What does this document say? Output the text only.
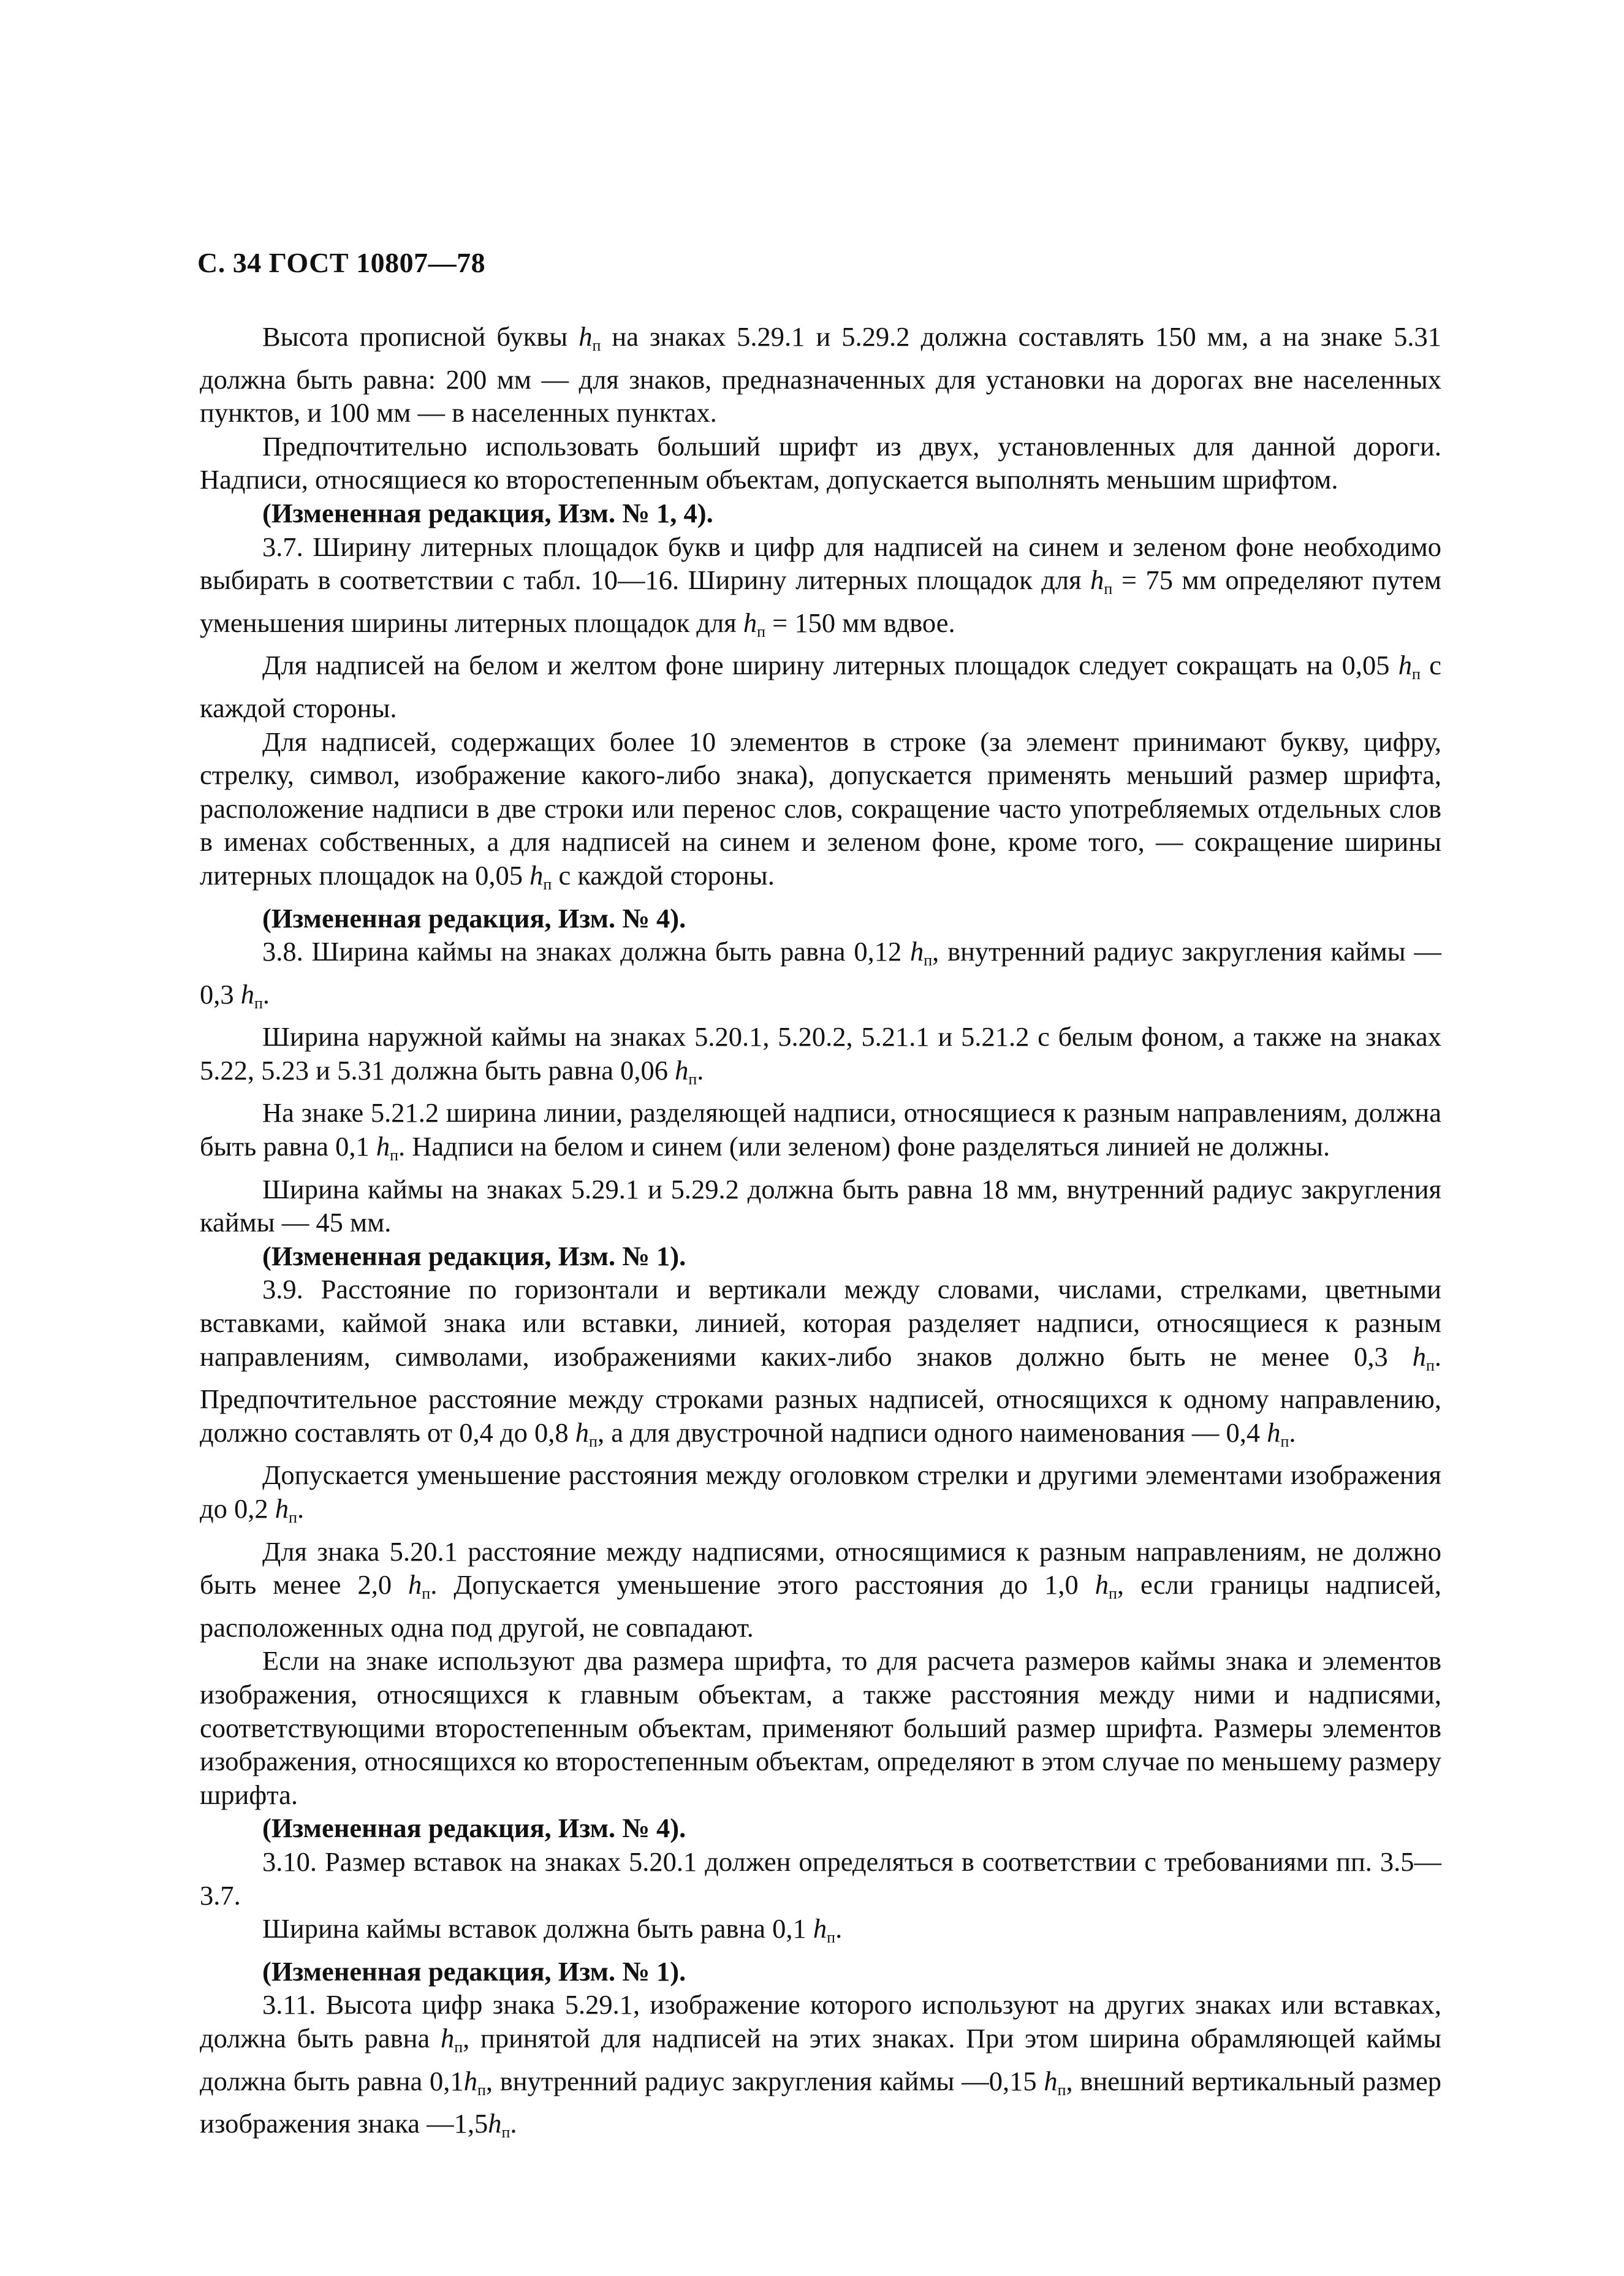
С. 34 ГОСТ 10807—78

Высота прописной буквы $h_п$ на знаках 5.29.1 и 5.29.2 должна составлять 150 мм, а на знаке 5.31 должна быть равна: 200 мм — для знаков, предназначенных для установки на дорогах вне населенных пунктов, и 100 мм — в населенных пунктах.

Предпочтительно использовать больший шрифт из двух, установленных для данной дороги. Надписи, относящиеся ко второстепенным объектам, допускается выполнять меньшим шрифтом.

(Измененная редакция, Изм. № 1, 4).

3.7. Ширину литерных площадок букв и цифр для надписей на синем и зеленом фоне необходимо выбирать в соответствии с табл. 10—16. Ширину литерных площадок для $h_п = 75$ мм определяют путем уменьшения ширины литерных площадок для $h_п = 150$ мм вдвое.

Для надписей на белом и желтом фоне ширину литерных площадок следует сокращать на 0,05 $h_п$ с каждой стороны.

Для надписей, содержащих более 10 элементов в строке (за элемент принимают букву, цифру, стрелку, символ, изображение какого-либо знака), допускается применять меньший размер шрифта, расположение надписи в две строки или перенос слов, сокращение часто употребляемых отдельных слов в именах собственных, а для надписей на синем и зеленом фоне, кроме того, — сокращение ширины литерных площадок на 0,05 $h_п$ с каждой стороны.

(Измененная редакция, Изм. № 4).

3.8. Ширина каймы на знаках должна быть равна 0,12 $h_п$, внутренний радиус закругления каймы —0,3 $h_п$.

Ширина наружной каймы на знаках 5.20.1, 5.20.2, 5.21.1 и 5.21.2 с белым фоном, а также на знаках 5.22, 5.23 и 5.31 должна быть равна 0,06 $h_п$.

На знаке 5.21.2 ширина линии, разделяющей надписи, относящиеся к разным направлениям, должна быть равна 0,1 $h_п$. Надписи на белом и синем (или зеленом) фоне разделяться линией не должны.

Ширина каймы на знаках 5.29.1 и 5.29.2 должна быть равна 18 мм, внутренний радиус закругления каймы — 45 мм.

(Измененная редакция, Изм. № 1).

3.9. Расстояние по горизонтали и вертикали между словами, числами, стрелками, цветными вставками, каймой знака или вставки, линией, которая разделяет надписи, относящиеся к разным направлениям, символами, изображениями каких-либо знаков должно быть не менее 0,3 $h_п$. Предпочтительное расстояние между строками разных надписей, относящихся к одному направлению, должно составлять от 0,4 до 0,8 $h_п$, а для двустрочной надписи одного наименования — 0,4 $h_п$.

Допускается уменьшение расстояния между оголовком стрелки и другими элементами изображения до 0,2 $h_п$.

Для знака 5.20.1 расстояние между надписями, относящимися к разным направлениям, не должно быть менее 2,0 $h_п$. Допускается уменьшение этого расстояния до 1,0 $h_п$, если границы надписей, расположенных одна под другой, не совпадают.

Если на знаке используют два размера шрифта, то для расчета размеров каймы знака и элементов изображения, относящихся к главным объектам, а также расстояния между ними и надписями, соответствующими второстепенным объектам, применяют больший размер шрифта. Размеры элементов изображения, относящихся ко второстепенным объектам, определяют в этом случае по меньшему размеру шрифта.

(Измененная редакция, Изм. № 4).

3.10. Размер вставок на знаках 5.20.1 должен определяться в соответствии с требованиями пп. 3.5—3.7.

Ширина каймы вставок должна быть равна 0,1 $h_п$.

(Измененная редакция, Изм. № 1).

3.11. Высота цифр знака 5.29.1, изображение которого используют на других знаках или вставках, должна быть равна $h_п$, принятой для надписей на этих знаках. При этом ширина обрамляющей каймы должна быть равна $0,1h_п$, внутренний радиус закругления каймы —0,15 $h_п$, внешний вертикальный размер изображения знака $—1,5h_п$.
